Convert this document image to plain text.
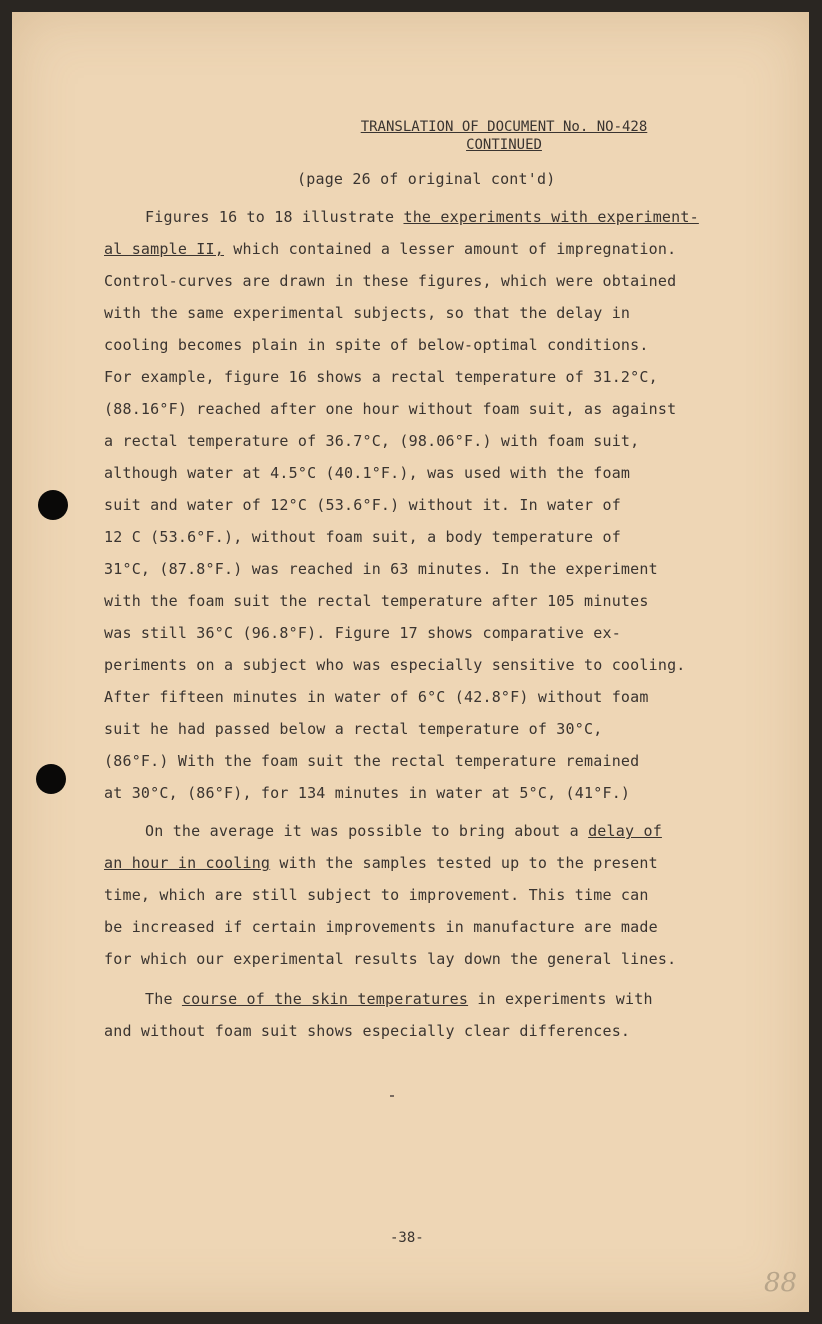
TRANSLATION OF DOCUMENT No. NO-428
CONTINUED
(page 26 of original cont'd)
Figures 16 to 18 illustrate the experiments with experiment-
al sample II, which contained a lesser amount of impregnation.
Control-curves are drawn in these figures, which were obtained
with the same experimental subjects, so that the delay in
cooling becomes plain in spite of below-optimal conditions.
For example, figure 16 shows a rectal temperature of 31.2°C,
(88.16°F) reached after one hour without foam suit, as against
a rectal temperature of 36.7°C, (98.06°F.) with foam suit,
although water at 4.5°C (40.1°F.), was used with the foam
suit and water of 12°C (53.6°F.) without it. In water of
12 C (53.6°F.), without foam suit, a body temperature of
31°C, (87.8°F.) was reached in 63 minutes. In the experiment
with the foam suit the rectal temperature after 105 minutes
was still 36°C (96.8°F). Figure 17 shows comparative ex-
periments on a subject who was especially sensitive to cooling.
After fifteen minutes in water of 6°C (42.8°F) without foam
suit he had passed below a rectal temperature of 30°C,
(86°F.) With the foam suit the rectal temperature remained
at 30°C, (86°F), for 134 minutes in water at 5°C, (41°F.)
On the average it was possible to bring about a delay of
an hour in cooling with the samples tested up to the present
time, which are still subject to improvement. This time can
be increased if certain improvements in manufacture are made
for which our experimental results lay down the general lines.
The course of the skin temperatures in experiments with
and without foam suit shows especially clear differences.
-38-
88
